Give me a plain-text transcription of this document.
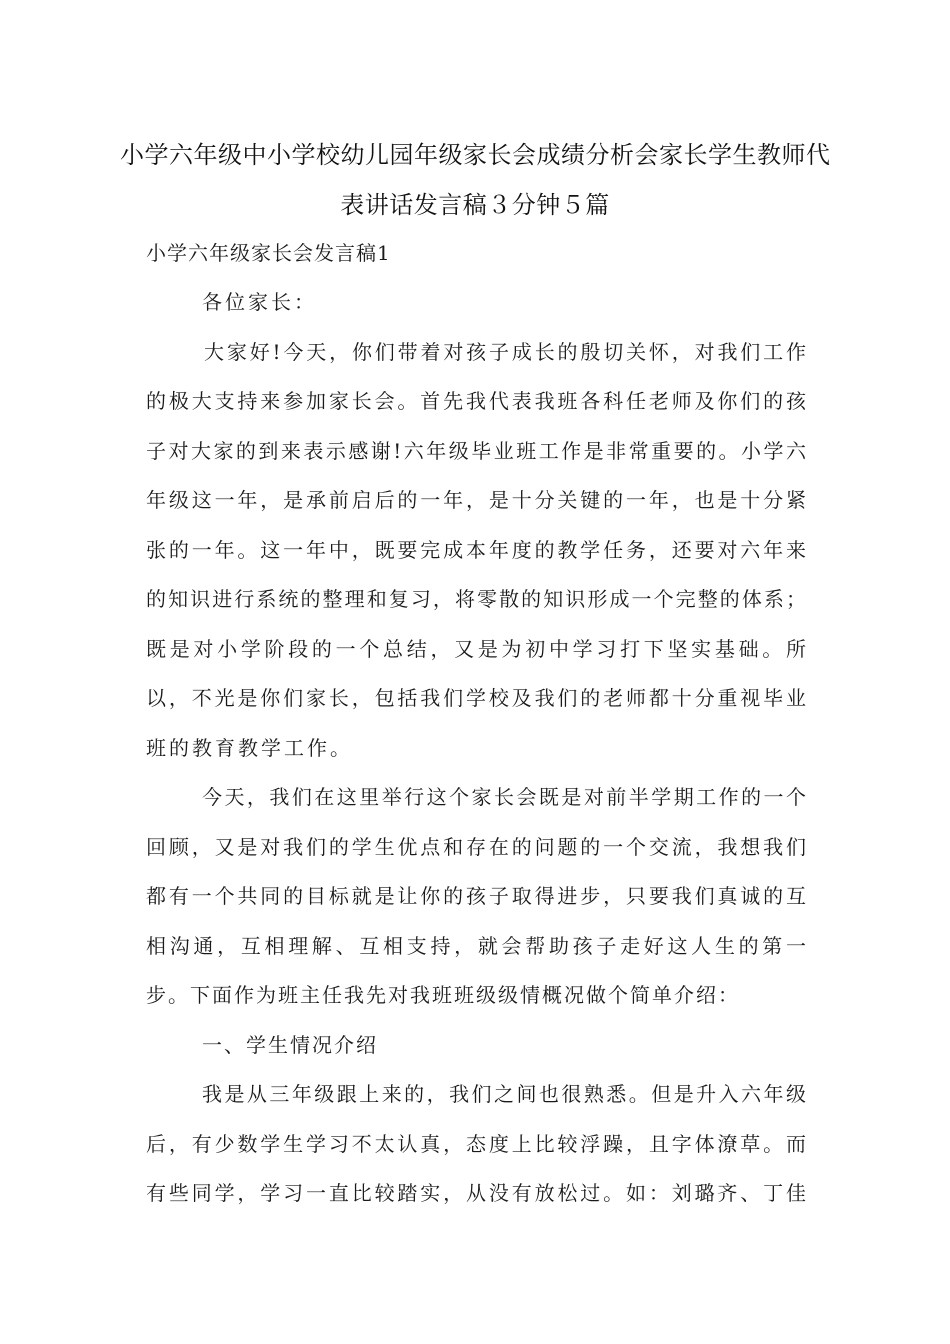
小学六年级中小学校幼儿园年级家长会成绩分析会家长学生教师代
表讲话发言稿３分钟５篇
小学六年级家长会发言稿1
各位家长：
大家好!今天，你们带着对孩子成长的殷切关怀，对我们工作
的极大支持来参加家长会。首先我代表我班各科任老师及你们的孩
子对大家的到来表示感谢!六年级毕业班工作是非常重要的。小学六
年级这一年，是承前启后的一年，是十分关键的一年，也是十分紧
张的一年。这一年中，既要完成本年度的教学任务，还要对六年来
的知识进行系统的整理和复习，将零散的知识形成一个完整的体系；
既是对小学阶段的一个总结，又是为初中学习打下坚实基础。所
以，不光是你们家长，包括我们学校及我们的老师都十分重视毕业
班的教育教学工作。
今天，我们在这里举行这个家长会既是对前半学期工作的一个
回顾，又是对我们的学生优点和存在的问题的一个交流，我想我们
都有一个共同的目标就是让你的孩子取得进步，只要我们真诚的互
相沟通，互相理解、互相支持，就会帮助孩子走好这人生的第一
步。下面作为班主任我先对我班班级级情概况做个简单介绍：
一、学生情况介绍
我是从三年级跟上来的，我们之间也很熟悉。但是升入六年级
后，有少数学生学习不太认真，态度上比较浮躁，且字体潦草。而
有些同学，学习一直比较踏实，从没有放松过。如：刘璐齐、丁佳
